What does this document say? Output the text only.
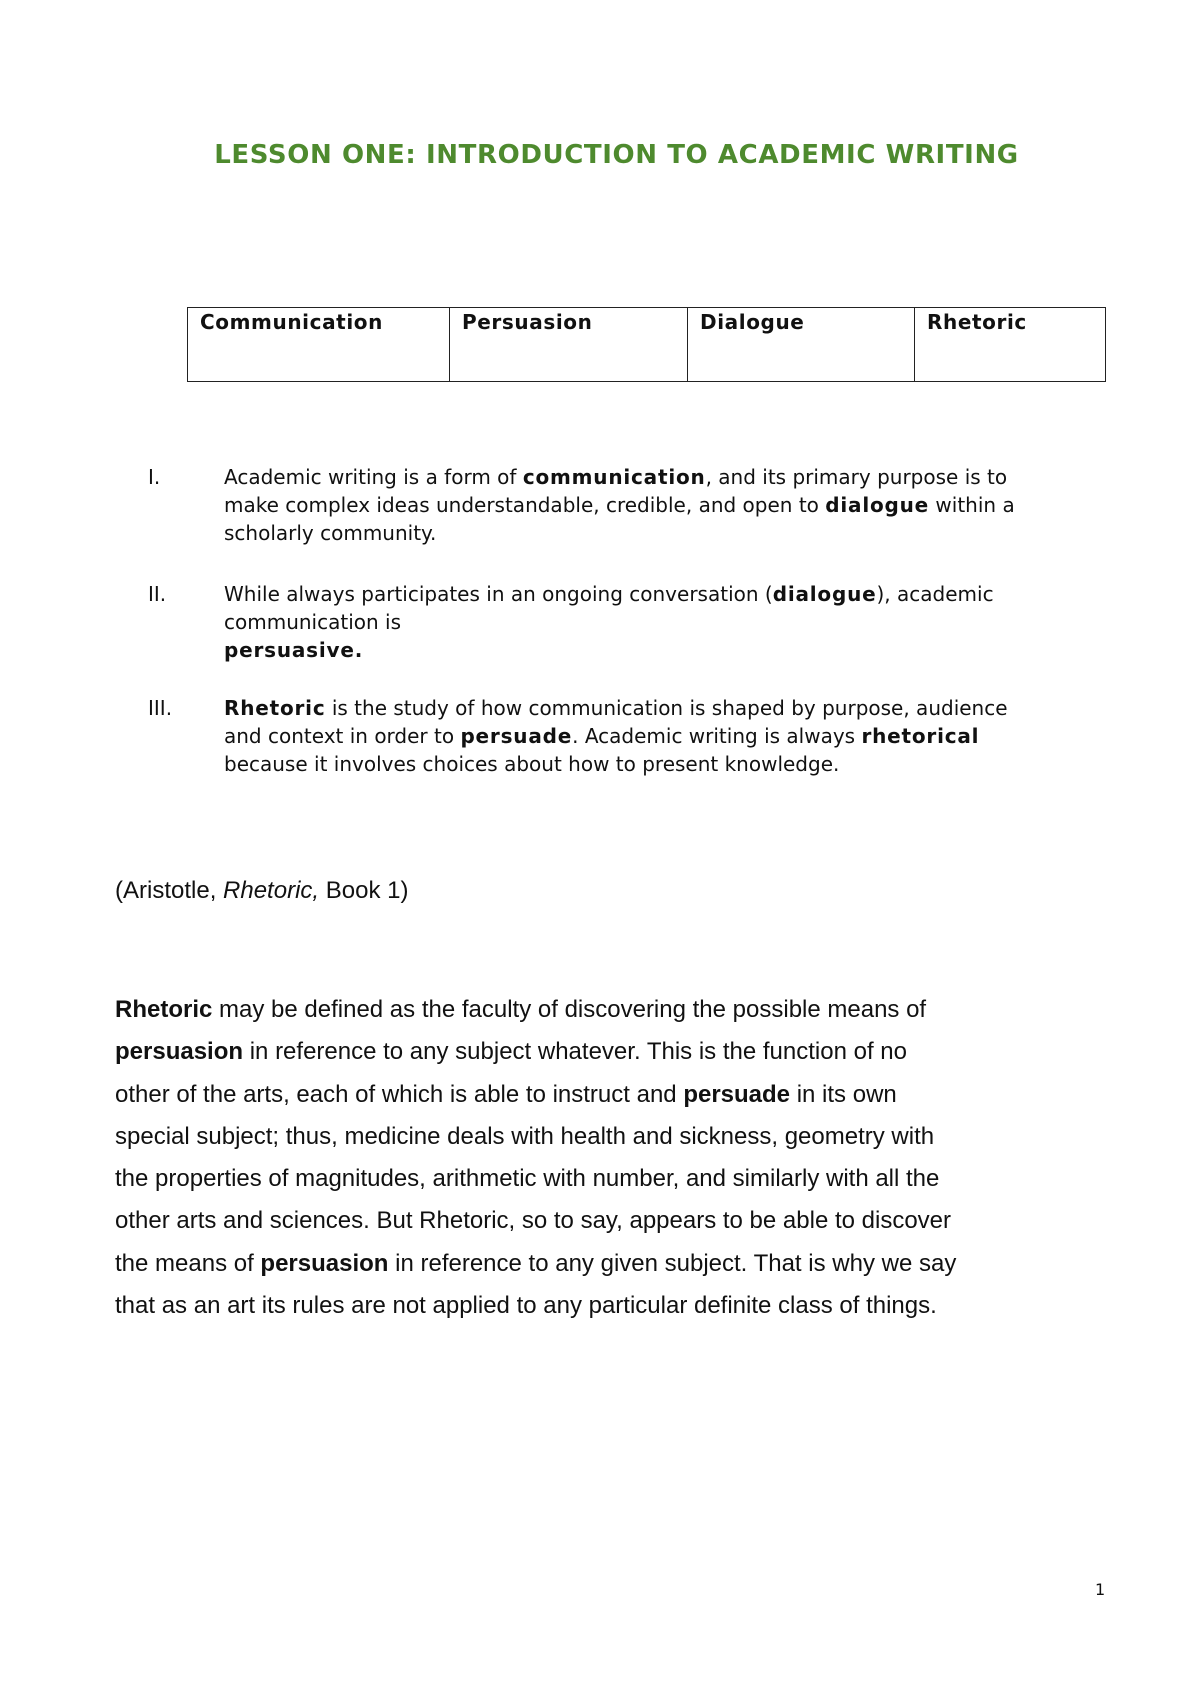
LESSON ONE: INTRODUCTION TO ACADEMIC WRITING
Communication	Persuasion	Dialogue	Rhetoric
I.	Academic writing is a form of communication, and its primary purpose is to
make complex ideas understandable, credible, and open to dialogue within a
scholarly community.
II.	While always participates in an ongoing conversation (dialogue), academic
communication is
persuasive.
III.	Rhetoric is the study of how communication is shaped by purpose, audience
and context in order to persuade. Academic writing is always rhetorical
because it involves choices about how to present knowledge.
(Aristotle, Rhetoric, Book 1)
Rhetoric may be defined as the faculty of discovering the possible means of
persuasion in reference to any subject whatever. This is the function of no
other of the arts, each of which is able to instruct and persuade in its own
special subject; thus, medicine deals with health and sickness, geometry with
the properties of magnitudes, arithmetic with number, and similarly with all the
other arts and sciences. But Rhetoric, so to say, appears to be able to discover
the means of persuasion in reference to any given subject. That is why we say
that as an art its rules are not applied to any particular definite class of things.
1
